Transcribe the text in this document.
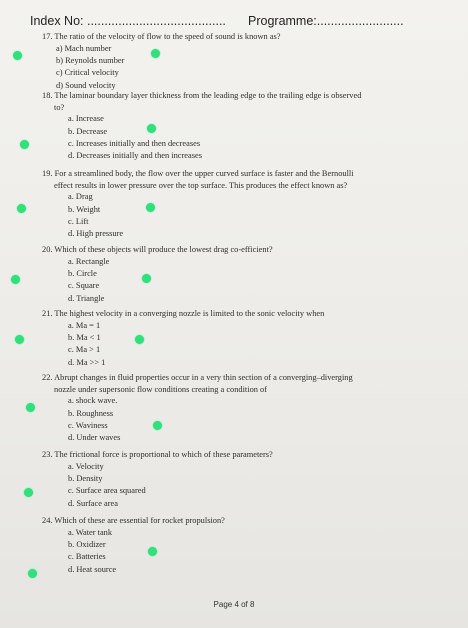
Index No: ........................................ Programme:.........................

17. The ratio of the velocity of flow to the speed of sound is known as?

a) Mach number
b) Reynolds number
c) Critical velocity
d) Sound velocity

18. The laminar boundary layer thickness from the leading edge to the trailing edge is observed
to?

a. Increase
b. Decrease
c. Increases initially and then decreases
d. Decreases initially and then increases

19. For a streamlined body, the flow over the upper curved surface is faster and the Bernoulli
effect results in lower pressure over the top surface. This produces the effect known as?

a. Drag
b. Weight
c. Lift
d. High pressure

20. Which of these objects will produce the lowest drag co-efficient?

a. Rectangle
b. Circle
c. Square
d. Triangle

21. The highest velocity in a converging nozzle is limited to the sonic velocity when

a. Ma = 1
b. Ma < 1
c. Ma > 1
d. Ma >> 1

22. Abrupt changes in fluid properties occur in a very thin section of a converging–diverging
nozzle under supersonic flow conditions creating a condition of

a. shock wave.
b. Roughness
c. Waviness
d. Under waves

23. The frictional force is proportional to which of these parameters?

a. Velocity
b. Density
c. Surface area squared
d. Surface area

24. Which of these are essential for rocket propulsion?

a. Water tank
b. Oxidizer
c. Batteries
d. Heat source
Page 4 of 8
